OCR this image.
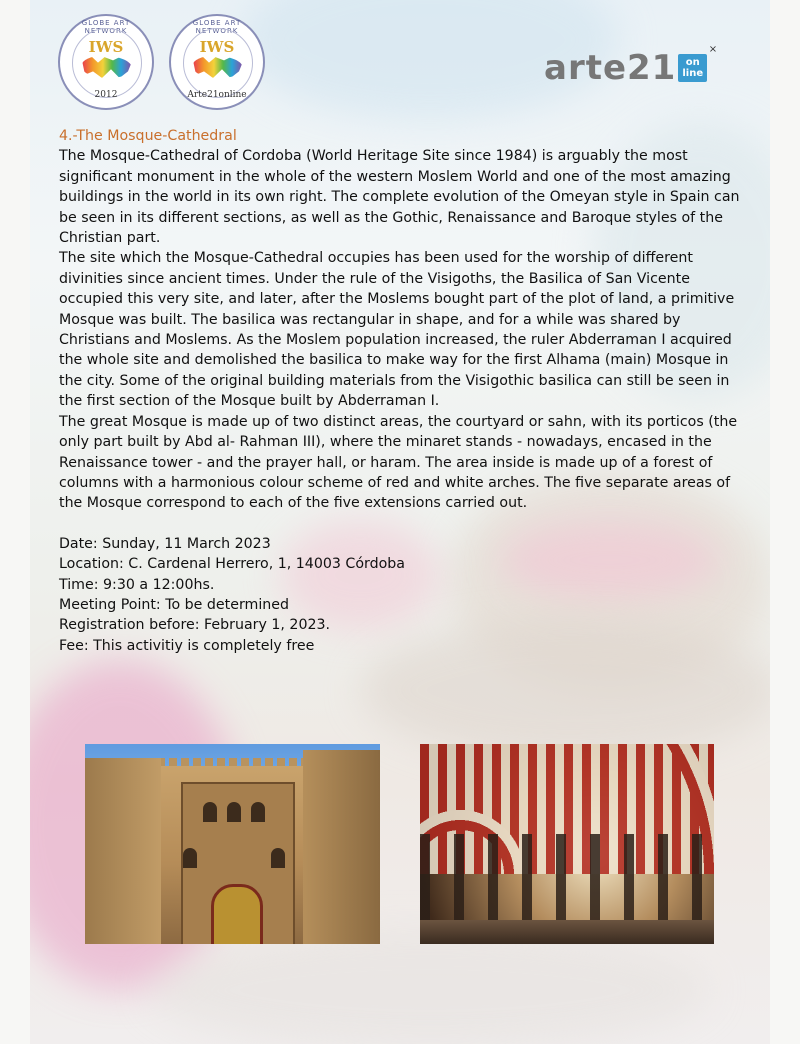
GLOBE ART NETWORK
IWS
2012
GLOBE ART NETWORK
IWS
Arte21online
arte21 on
line
×

4.-The Mosque-Cathedral

The Mosque-Cathedral of Cordoba (World Heritage Site since 1984) is arguably the most significant monument in the whole of the western Moslem World and one of the most amazing buildings in the world in its own right. The complete evolution of the Omeyan style in Spain can be seen in its different sections, as well as the Gothic, Renaissance and Baroque styles of the Christian part.

The site which the Mosque-Cathedral occupies has been used for the worship of different divinities since ancient times. Under the rule of the Visigoths, the Basilica of San Vicente occupied this very site, and later, after the Moslems bought part of the plot of land, a primitive Mosque was built. The basilica was rectangular in shape, and for a while was shared by Christians and Moslems. As the Moslem population increased, the ruler Abderraman I acquired the whole site and demolished the basilica to make way for the first Alhama (main) Mosque in the city. Some of the original building materials from the Visigothic basilica can still be seen in the first section of the Mosque built by Abderraman I.

The great Mosque is made up of two distinct areas, the courtyard or sahn, with its porticos (the only part built by Abd al- Rahman III), where the minaret stands - nowadays, encased in the Renaissance tower - and the prayer hall, or haram. The area inside is made up of a forest of columns with a harmonious colour scheme of red and white arches. The five separate areas of the Mosque correspond to each of the five extensions carried out.

Date: Sunday, 11 March 2023

Location: C. Cardenal Herrero, 1, 14003 Córdoba

Time: 9:30 a 12:00hs.

Meeting Point: To be determined

Registration before: February 1, 2023.

Fee: This activitiy is completely free
